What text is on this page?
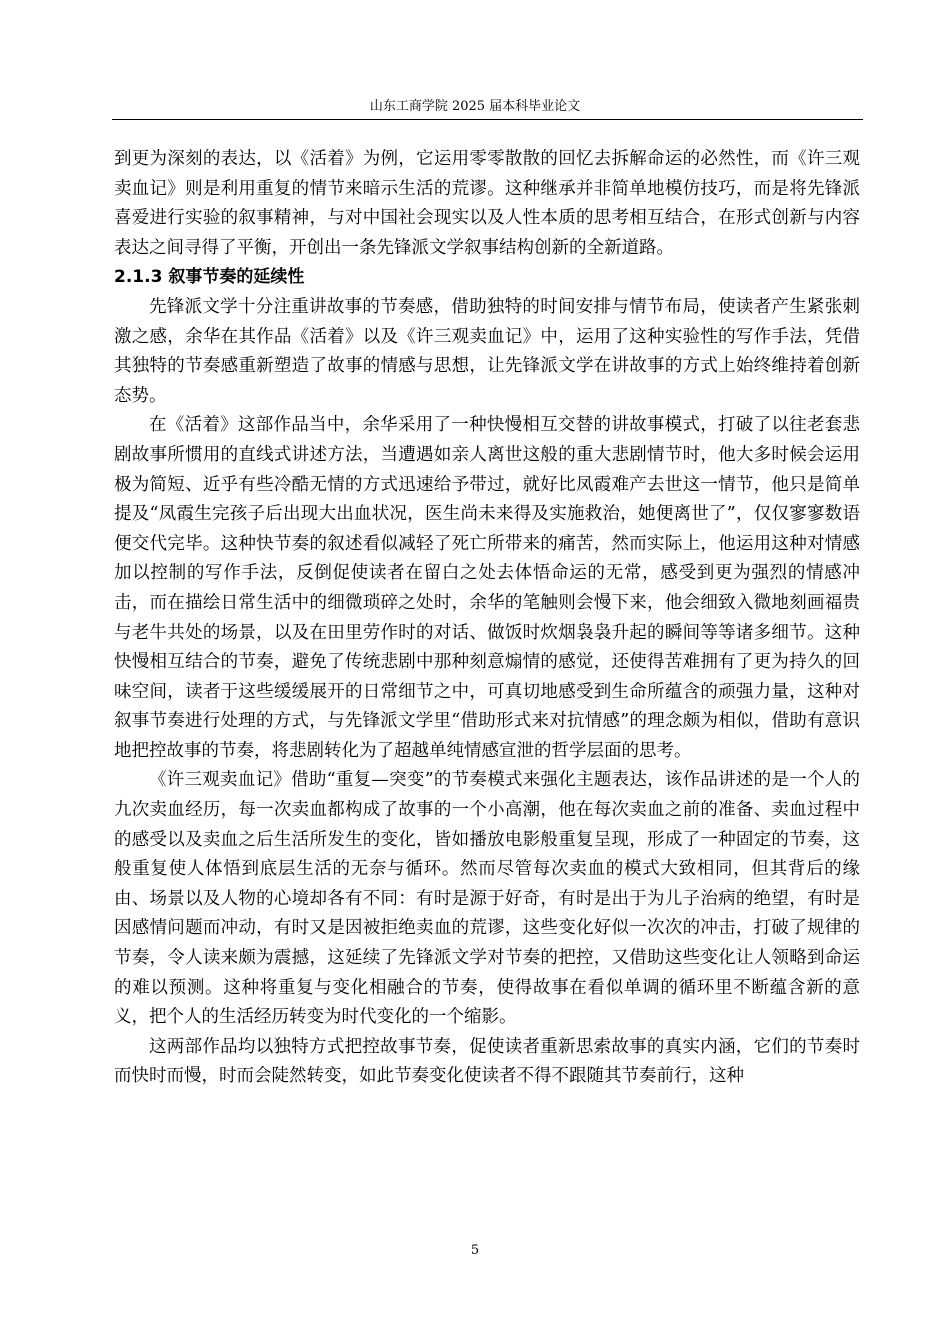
山东工商学院 2025 届本科毕业论文

到更为深刻的表达，以《活着》为例，它运用零零散散的回忆去拆解命运的必然性，而《许三观卖血记》则是利用重复的情节来暗示生活的荒谬。这种继承并非简单地模仿技巧，而是将先锋派喜爱进行实验的叙事精神，与对中国社会现实以及人性本质的思考相互结合，在形式创新与内容表达之间寻得了平衡，开创出一条先锋派文学叙事结构创新的全新道路。

2.1.3 叙事节奏的延续性

先锋派文学十分注重讲故事的节奏感，借助独特的时间安排与情节布局，使读者产生紧张刺激之感，余华在其作品《活着》以及《许三观卖血记》中，运用了这种实验性的写作手法，凭借其独特的节奏感重新塑造了故事的情感与思想，让先锋派文学在讲故事的方式上始终维持着创新态势。

在《活着》这部作品当中，余华采用了一种快慢相互交替的讲故事模式，打破了以往老套悲剧故事所惯用的直线式讲述方法，当遭遇如亲人离世这般的重大悲剧情节时，他大多时候会运用极为简短、近乎有些冷酷无情的方式迅速给予带过，就好比凤霞难产去世这一情节，他只是简单提及“凤霞生完孩子后出现大出血状况，医生尚未来得及实施救治，她便离世了”，仅仅寥寥数语便交代完毕。这种快节奏的叙述看似减轻了死亡所带来的痛苦，然而实际上，他运用这种对情感加以控制的写作手法，反倒促使读者在留白之处去体悟命运的无常，感受到更为强烈的情感冲击，而在描绘日常生活中的细微琐碎之处时，余华的笔触则会慢下来，他会细致入微地刻画福贵与老牛共处的场景，以及在田里劳作时的对话、做饭时炊烟袅袅升起的瞬间等等诸多细节。这种快慢相互结合的节奏，避免了传统悲剧中那种刻意煽情的感觉，还使得苦难拥有了更为持久的回味空间，读者于这些缓缓展开的日常细节之中，可真切地感受到生命所蕴含的顽强力量，这种对叙事节奏进行处理的方式，与先锋派文学里“借助形式来对抗情感”的理念颇为相似，借助有意识地把控故事的节奏，将悲剧转化为了超越单纯情感宣泄的哲学层面的思考。

《许三观卖血记》借助“重复—突变”的节奏模式来强化主题表达，该作品讲述的是一个人的九次卖血经历，每一次卖血都构成了故事的一个小高潮，他在每次卖血之前的准备、卖血过程中的感受以及卖血之后生活所发生的变化，皆如播放电影般重复呈现，形成了一种固定的节奏，这般重复使人体悟到底层生活的无奈与循环。然而尽管每次卖血的模式大致相同，但其背后的缘由、场景以及人物的心境却各有不同：有时是源于好奇，有时是出于为儿子治病的绝望，有时是因感情问题而冲动，有时又是因被拒绝卖血的荒谬，这些变化好似一次次的冲击，打破了规律的节奏，令人读来颇为震撼，这延续了先锋派文学对节奏的把控，又借助这些变化让人领略到命运的难以预测。这种将重复与变化相融合的节奏，使得故事在看似单调的循环里不断蕴含新的意义，把个人的生活经历转变为时代变化的一个缩影。

这两部作品均以独特方式把控故事节奏，促使读者重新思索故事的真实内涵，它们的节奏时而快时而慢，时而会陡然转变，如此节奏变化使读者不得不跟随其节奏前行，这种

5
